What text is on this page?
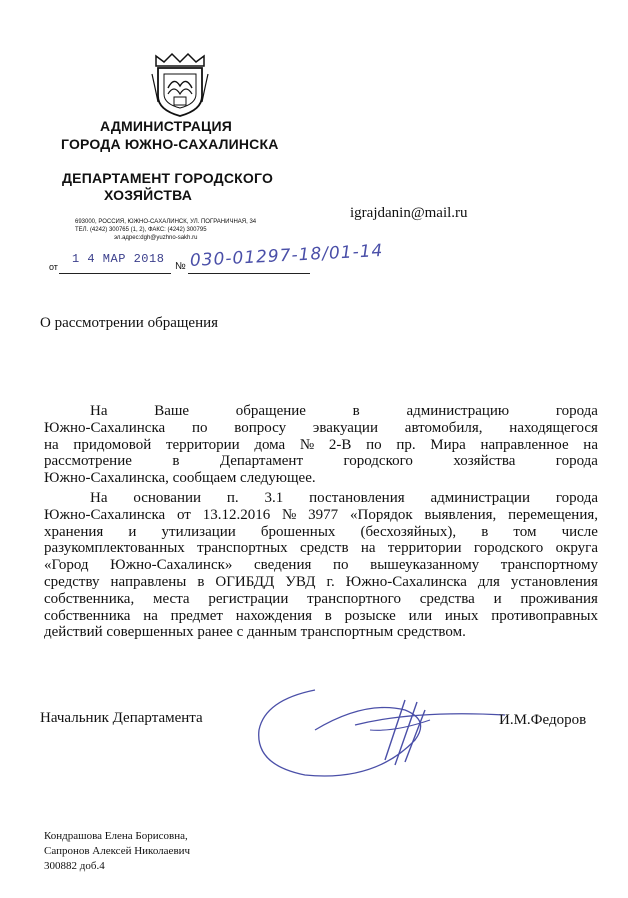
АДМИНИСТРАЦИЯ
ГОРОДА ЮЖНО-САХАЛИНСКА
ДЕПАРТАМЕНТ ГОРОДСКОГО
ХОЗЯЙСТВА
693000, РОССИЯ, ЮЖНО-САХАЛИНСК, УЛ. ПОГРАНИЧНАЯ, 34
ТЕЛ. (4242) 300765 (1, 2), ФАКС: (4242) 300795
эл.адрес:dgh@yuzhno-sakh.ru
igrajdanin@mail.ru
от
1 4 МАР 2018
№ 030-01297-18/01-14
О рассмотрении обращения
На	Ваше	обращение	в	администрацию	города
Южно-Сахалинска по вопросу эвакуации автомобиля, находящегося
на придомовой территории дома № 2-В по пр. Мира направленное на
рассмотрение	в	Департамент	городского	хозяйства	города
Южно-Сахалинска, сообщаем следующее.
На основании п. 3.1 постановления администрации города
Южно-Сахалинска от 13.12.2016 № 3977 «Порядок выявления, перемещения,
хранения и утилизации брошенных (бесхозяйных), в том числе
разукомплектованных транспортных средств на территории городского округа
«Город Южно-Сахалинск» сведения по вышеуказанному транспортному
средству направлены в ОГИБДД УВД г. Южно-Сахалинска для установления
собственника, места регистрации транспортного средства и проживания
собственника на предмет нахождения в розыске или иных противоправных
действий совершенных ранее с данным транспортным средством.
Начальник Департамента	И.М.Федоров
Кондрашова Елена Борисовна,
Сапронов Алексей Николаевич
300882 доб.4
